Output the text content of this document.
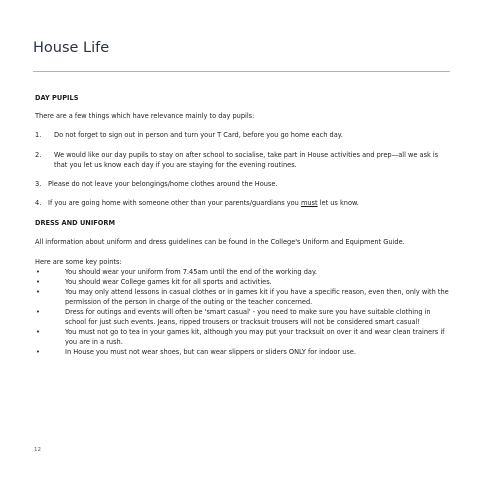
House Life

DAY PUPILS

There are a few things which have relevance mainly to day pupils:

1.	Do not forget to sign out in person and turn your T Card, before you go home each day.
2.	We would like our day pupils to stay on after school to socialise, take part in House activities and prep—all we ask is that you let us know each day if you are staying for the evening routines.
3.	Please do not leave your belongings/home clothes around the House.
4.	If you are going home with someone other than your parents/guardians you must let us know.

DRESS AND UNIFORM

All information about uniform and dress guidelines can be found in the College's Uniform and Equipment Guide.

Here are some key points:

•	You should wear your uniform from 7.45am until the end of the working day.
•	You should wear College games kit for all sports and activities.
•	You may only attend lessons in casual clothes or in games kit if you have a specific reason, even then, only with the permission of the person in charge of the outing or the teacher concerned.
•	Dress for outings and events will often be 'smart casual' - you need to make sure you have suitable clothing in school for just such events. Jeans, ripped trousers or tracksuit trousers will not be considered smart casual!
•	You must not go to tea in your games kit, although you may put your tracksuit on over it and wear clean trainers if you are in a rush.
•	In House you must not wear shoes, but can wear slippers or sliders ONLY for indoor use.
12
